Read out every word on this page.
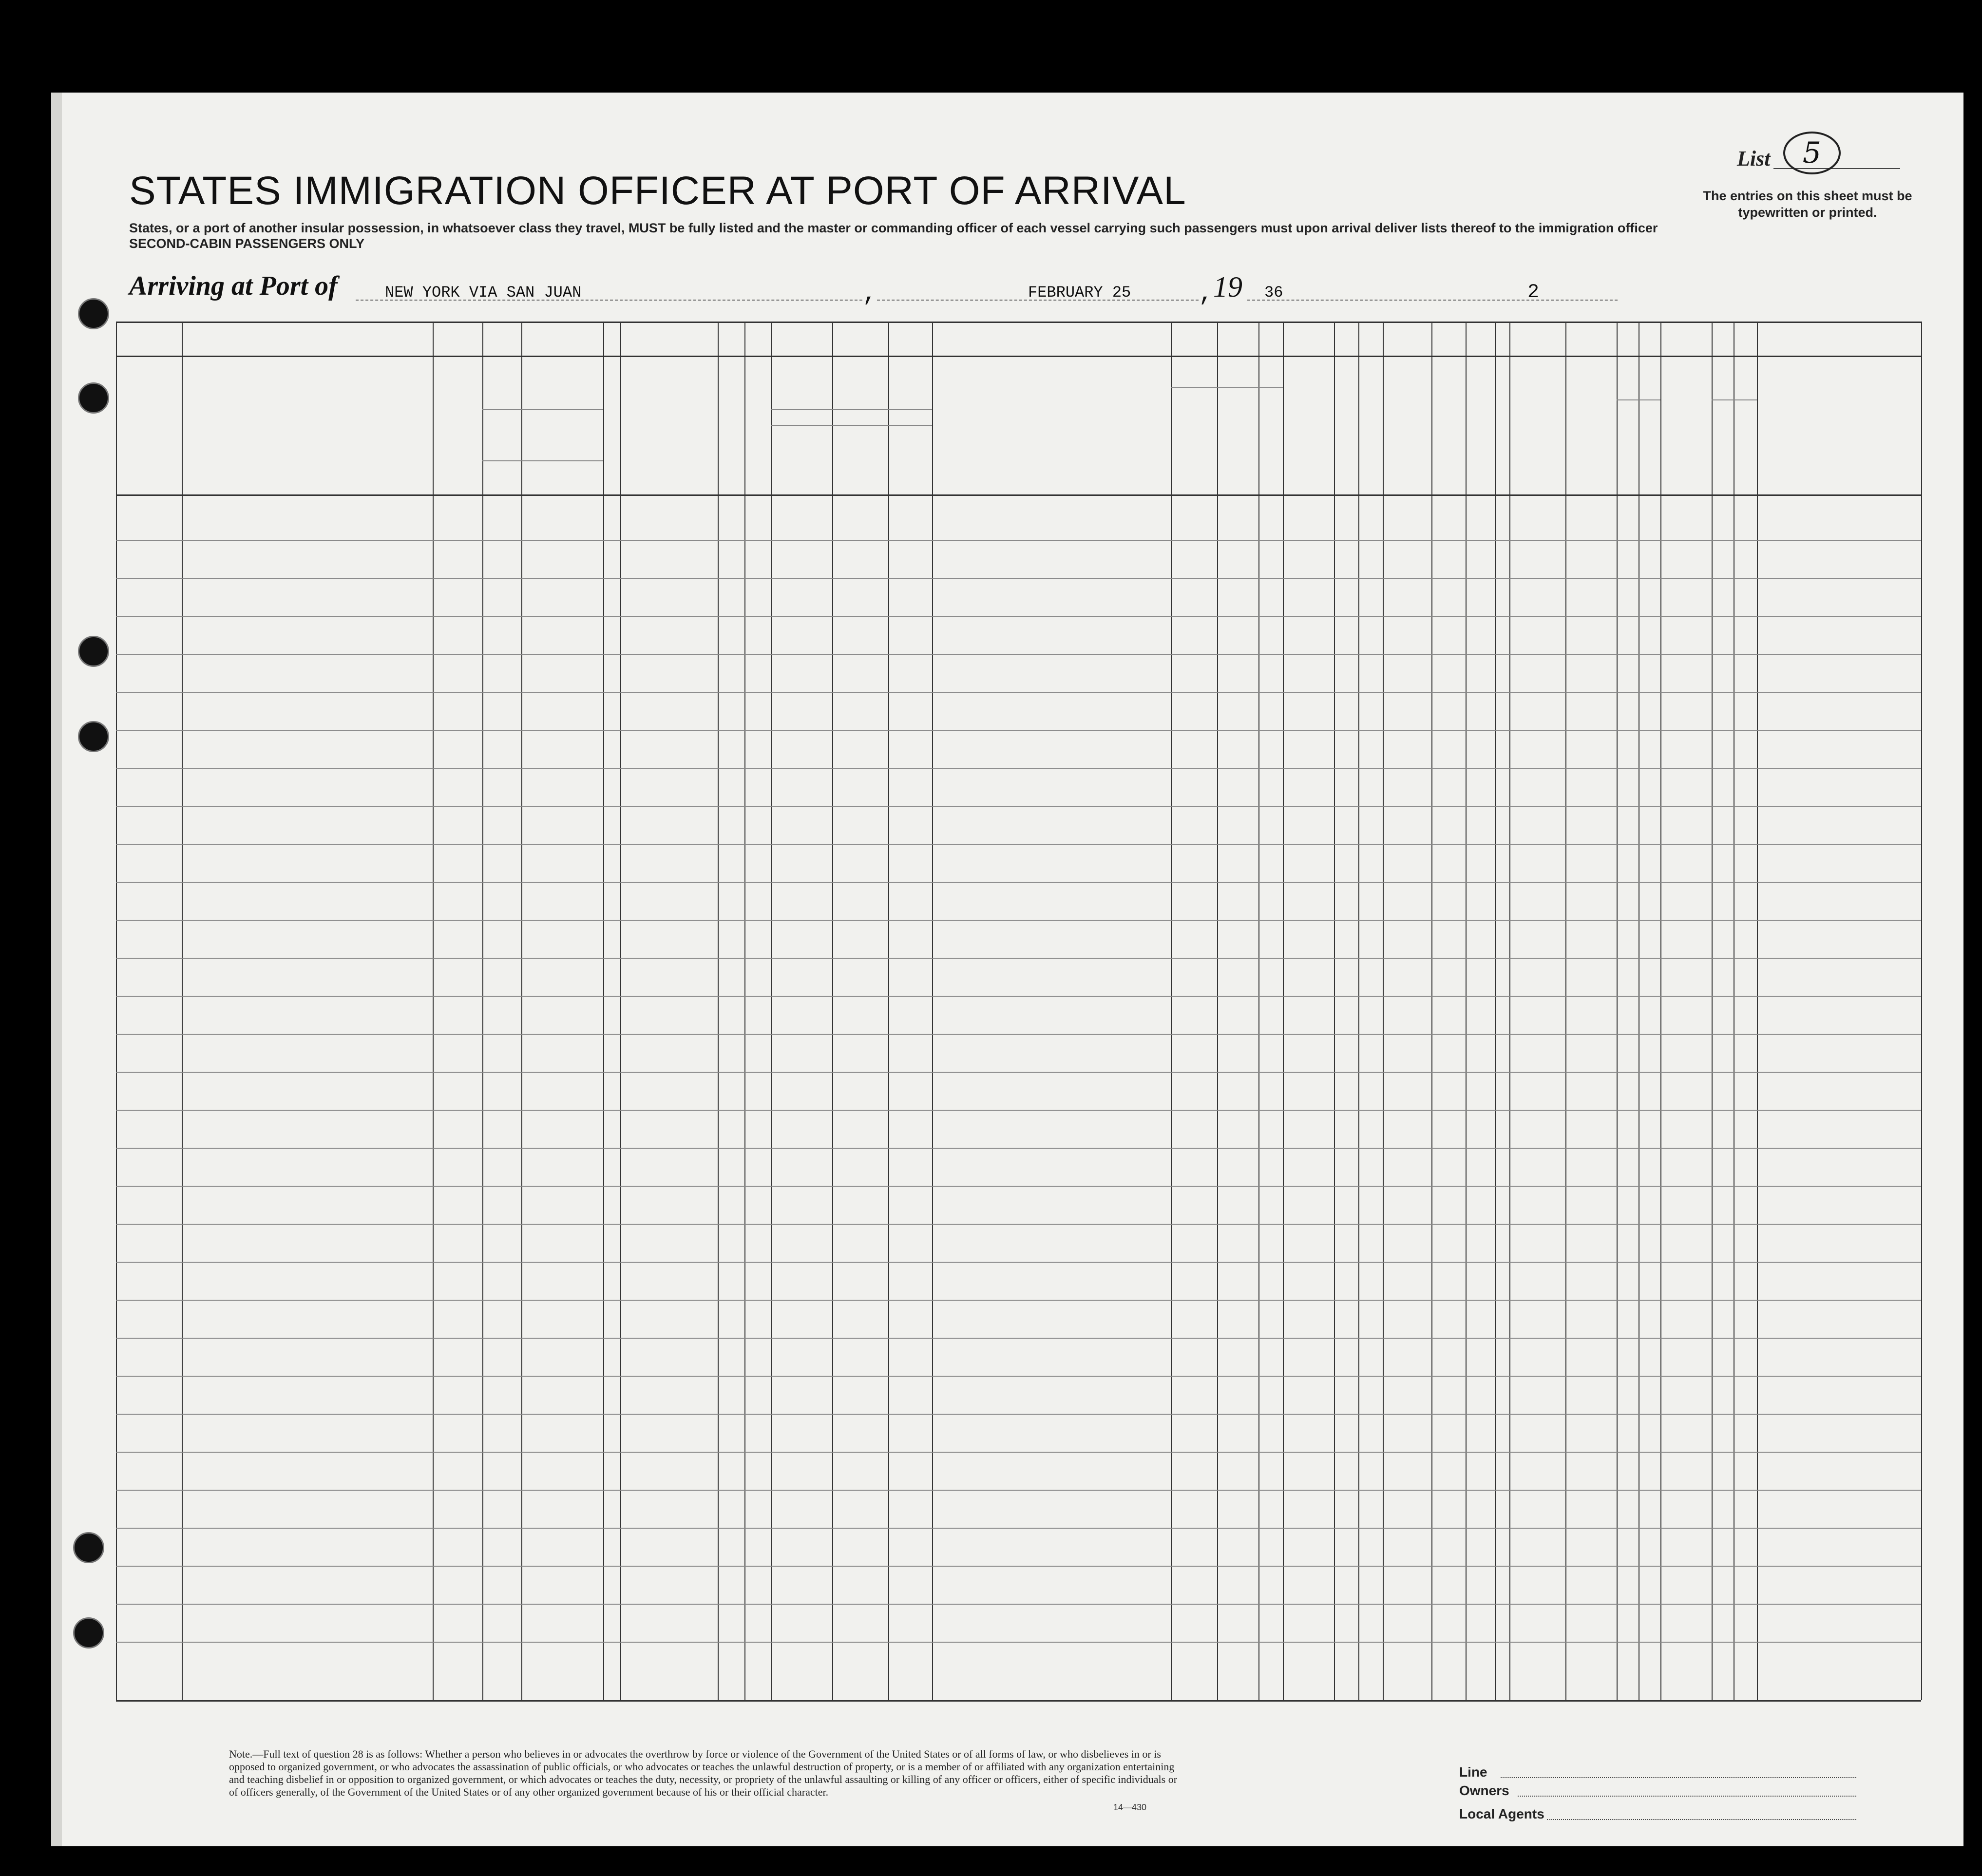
STATES IMMIGRATION OFFICER AT PORT OF ARRIVAL
States, or a port of another insular possession, in whatsoever class they travel, MUST be fully listed and the master or commanding officer of each vessel carrying such passengers must upon arrival deliver lists thereof to the immigration officer
SECOND-CABIN PASSENGERS ONLY
List	5
The entries on this sheet must be typewritten or printed.
Arriving at Port of	NEW YORK VIA SAN JUAN	,	FEBRUARY 25	, 19 36	2
Note.—Full text of question 28 is as follows: Whether a person who believes in or advocates the overthrow by force or violence of the Government of the United States or of all forms of law, or who disbelieves in or is opposed to organized government, or who advocates the assassination of public officials, or who advocates or teaches the unlawful destruction of property, or is a member of or affiliated with any organization entertaining and teaching disbelief in or opposition to organized government, or which advocates or teaches the duty, necessity, or propriety of the unlawful assaulting or killing of any officer or officers, either of specific individuals or of officers generally, of the Government of the United States or of any other organized government because of his or their official character.
Line
Owners
Local Agents
14—430
